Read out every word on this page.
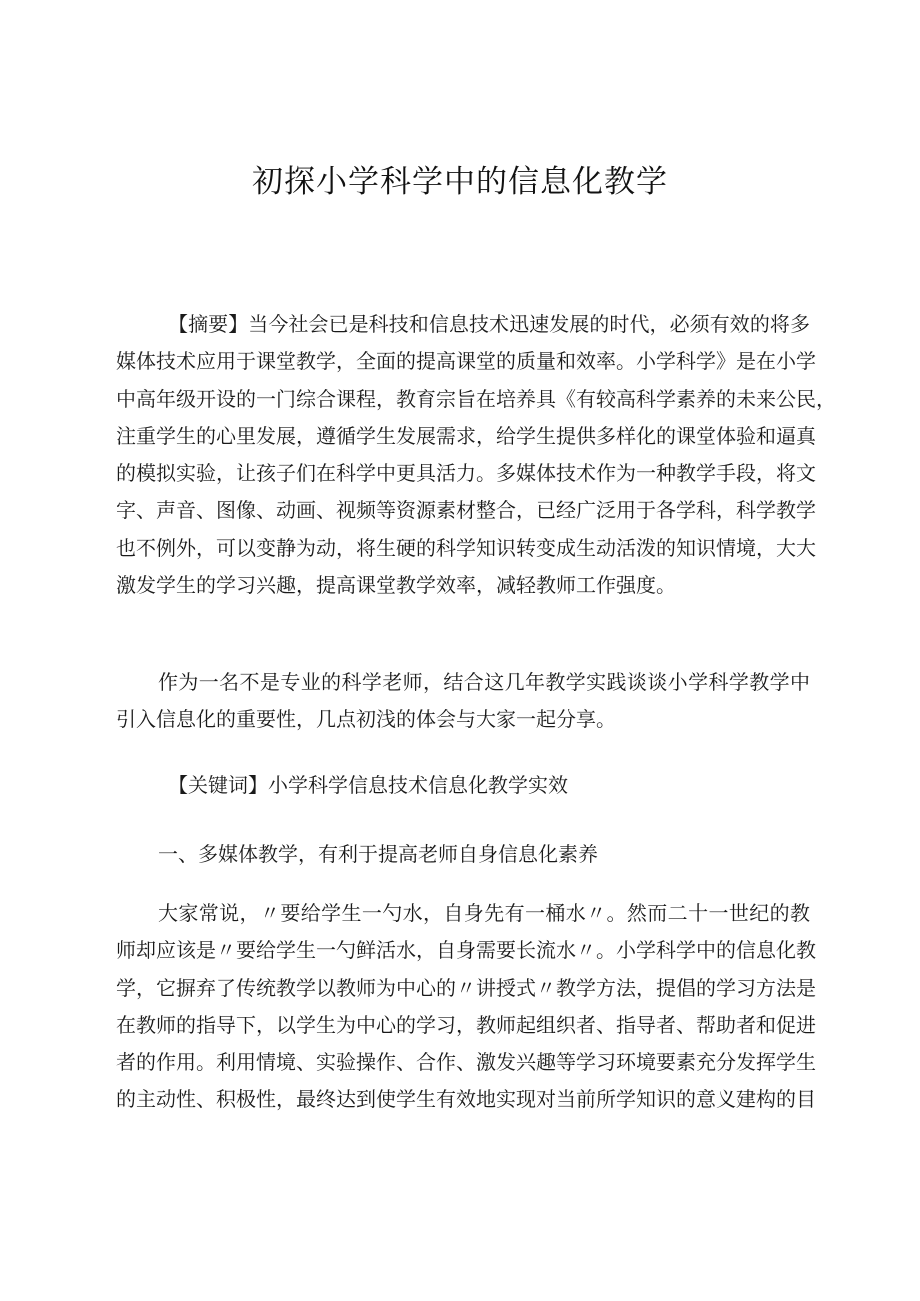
初探小学科学中的信息化教学
【摘要】当今社会已是科技和信息技术迅速发展的时代，必须有效的将多
媒体技术应用于课堂教学，全面的提高课堂的质量和效率。小学科学》是在小学
中高年级开设的一门综合课程，教育宗旨在培养具《有较高科学素养的未来公民，
注重学生的心里发展，遵循学生发展需求，给学生提供多样化的课堂体验和逼真
的模拟实验，让孩子们在科学中更具活力。多媒体技术作为一种教学手段，将文
字、声音、图像、动画、视频等资源素材整合，已经广泛用于各学科，科学教学
也不例外，可以变静为动，将生硬的科学知识转变成生动活泼的知识情境，大大
激发学生的学习兴趣，提高课堂教学效率，减轻教师工作强度。
作为一名不是专业的科学老师，结合这几年教学实践谈谈小学科学教学中
引入信息化的重要性，几点初浅的体会与大家一起分享。
【关键词】小学科学信息技术信息化教学实效
一、多媒体教学，有利于提高老师自身信息化素养
大家常说，〃要给学生一勺水，自身先有一桶水〃。然而二十一世纪的教
师却应该是〃要给学生一勺鲜活水，自身需要长流水〃。小学科学中的信息化教
学，它摒弃了传统教学以教师为中心的〃讲授式〃教学方法，提倡的学习方法是
在教师的指导下，以学生为中心的学习，教师起组织者、指导者、帮助者和促进
者的作用。利用情境、实验操作、合作、激发兴趣等学习环境要素充分发挥学生
的主动性、积极性，最终达到使学生有效地实现对当前所学知识的意义建构的目
